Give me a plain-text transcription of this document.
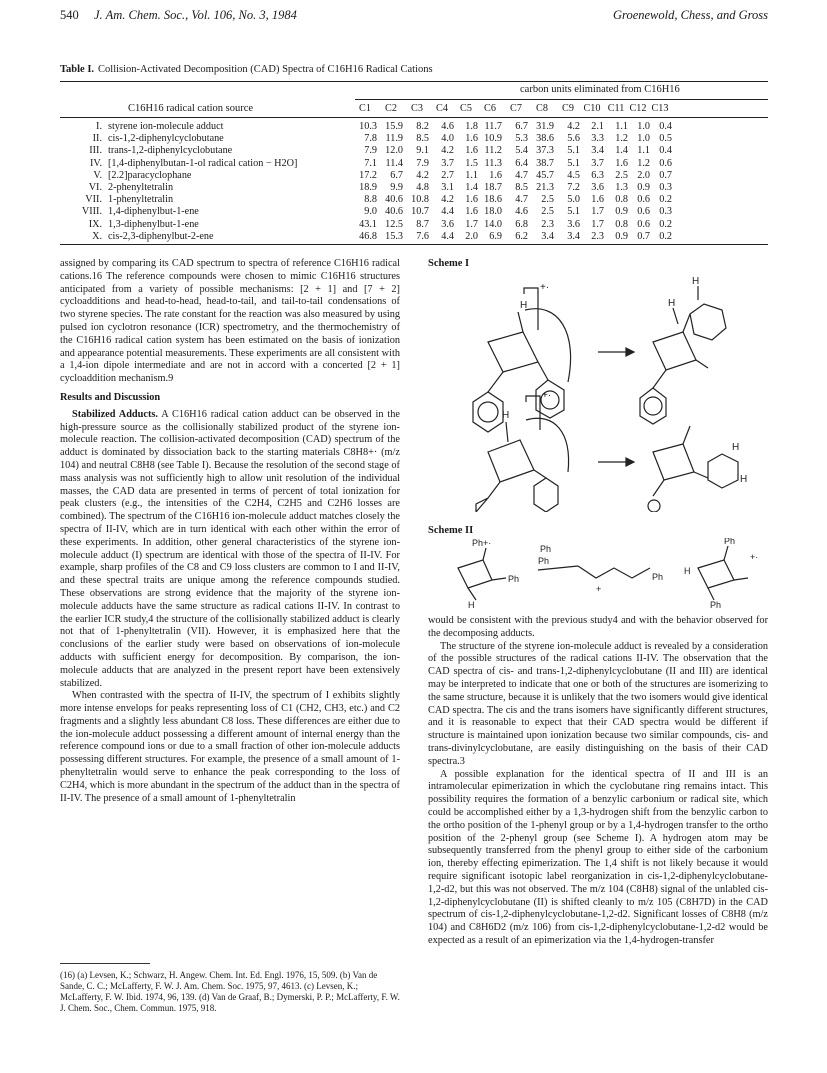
540 J. Am. Chem. Soc., Vol. 106, No. 3, 1984	Groenewold, Chess, and Gross
Table I. Collision-Activated Decomposition (CAD) Spectra of C16H16 Radical Cations
carbon units eliminated from C16H16
C16H16 radical cation source	C1	C2	C3	C4	C5	C6	C7	C8	C9 C10 C11 C12 C13
I. styrene ion-molecule adduct	10.3 15.9	8.2	4.6	1.8 11.7	6.7 31.9	4.2	2.1	1.1 1.0 0.4
II. cis-1,2-diphenylcyclobutane	7.8 11.9	8.5	4.0	1.6 10.9	5.3 38.6	5.6	3.3	1.2 1.0 0.5
III. trans-1,2-diphenylcyclobutane	7.9 12.0	9.1	4.2	1.6 11.2	5.4 37.3	5.1	3.4	1.4 1.1 0.4
IV. [1,4-diphenylbutan-1-ol radical cation − H2O]	7.1 11.4	7.9	3.7	1.5 11.3	6.4 38.7	5.1	3.7	1.6 1.2 0.6
V. [2.2]paracyclophane	17.2	6.7	4.2	2.7	1.1	1.6	4.7 45.7	4.5	6.3	2.5 2.0 0.7
VI. 2-phenyltetralin	18.9	9.9	4.8	3.1	1.4 18.7	8.5 21.3	7.2	3.6	1.3 0.9 0.3
VII. 1-phenyltetralin	8.8 40.6 10.8	4.2	1.6 18.6	4.7	2.5	5.0	1.6	0.8 0.6 0.2
VIII. 1,4-diphenylbut-1-ene	9.0 40.6 10.7	4.4	1.6 18.0	4.6	2.5	5.1	1.7	0.9 0.6 0.3
IX. 1,3-diphenylbut-1-ene	43.1 12.5	8.7	3.6	1.7 14.0	6.8	2.3	3.6	1.7	0.8 0.6 0.2
X. cis-2,3-diphenylbut-2-ene	46.8 15.3	7.6	4.4	2.0	6.9	6.2	3.4	3.4	2.3	0.9 0.7 0.2

assigned by comparing its CAD spectrum to spectra of reference C16H16 radical cations.16 The reference compounds were chosen to mimic C16H16 structures anticipated from a variety of possible mechanisms: [2 + 1] and [7 + 2] cycloadditions and head-to-head, head-to-tail, and tail-to-tail condensations of two styrene species. The rate constant for the reaction was also measured by using pulsed ion cyclotron resonance (ICR) spectrometry, and the thermochemistry of the C16H16 radical cation system has been estimated on the basis of ionization and appearance potential measurements. These experiments are all consistent with a 1,4-ion dipole intermediate and are not in accord with a concerted [2 + 1] cycloaddition mechanism.9

Results and Discussion

Stabilized Adducts. A C16H16 radical cation adduct can be observed in the high-pressure source as the collisionally stabilized product of the styrene ion-molecule reaction. The collision-activated decomposition (CAD) spectrum of the adduct is dominated by dissociation back to the starting materials C8H8+· (m/z 104) and neutral C8H8 (see Table I). Because the resolution of the second stage of mass analysis was not sufficiently high to allow unit resolution of the individual masses, the CAD data are presented in terms of percent of total ionization for peak clusters (e.g., the intensities of the C2H4, C2H5 and C2H6 losses are combined). The spectrum of the C16H16 ion-molecule adduct matches closely the spectra of II-IV, which are in turn identical with each other within the error of these experiments. In addition, other general characteristics of the styrene ion-molecule adduct (I) spectrum are identical with those of the spectra of II-IV. For example, sharp profiles of the C8 and C9 loss clusters are common to I and II-IV, and these spectral traits are unique among the reference compounds studied. These observations are strong evidence that the majority of the styrene ion-molecule adducts have the same structure as radical cations II-IV. In contrast to the earlier ICR study,4 the structure of the collisionally stabilized adduct is clearly not that of 1-phenyltetralin (VII). However, it is emphasized here that the conclusions of the earlier study were based on observations of ion-molecule adducts with sufficient energy for decomposition. By comparison, the ion-molecule adducts that are analyzed in the present report have been extensively stabilized.

When contrasted with the spectra of II-IV, the spectrum of I exhibits slightly more intense envelops for peaks representing loss of C1 (CH2, CH3, etc.) and C2 fragments and a slightly less abundant C8 loss. These differences are either due to the ion-molecule adduct possessing a different amount of internal energy than the reference compound ions or due to a small fraction of other ion-molecule adducts possessing different structures. For example, the presence of a small amount of 1-phenyltetralin would serve to enhance the peak corresponding to the loss of C2H4, which is more abundant in the spectrum of the adduct than in the spectra of II-IV. The presence of a small amount of 1-phenyltetralin

(16) (a) Levsen, K.; Schwarz, H. Angew. Chem. Int. Ed. Engl. 1976, 15, 509. (b) Van de Sande, C. C.; McLafferty, F. W. J. Am. Chem. Soc. 1975, 97, 4613. (c) Levsen, K.; McLafferty, F. W. Ibid. 1974, 96, 139. (d) Van de Graaf, B.; Dymerski, P. P.; McLafferty, F. W. J. Chem. Soc., Chem. Commun. 1975, 918.
Scheme I
H
+·
H
H
H
+·
H
H
Scheme II
Ph+·
Ph
H
Ph
Ph
+
Ph
Ph
+·
H
Ph

would be consistent with the previous study4 and with the behavior observed for the decomposing adducts.

The structure of the styrene ion-molecule adduct is revealed by a consideration of the possible structures of the radical cations II-IV. The observation that the CAD spectra of cis- and trans-1,2-diphenylcyclobutane (II and III) are identical may be interpreted to indicate that one or both of the structures are isomerizing to the same structure, because it is unlikely that the two isomers would give identical CAD spectra. The cis and the trans isomers have significantly different structures, and it is reasonable to expect that their CAD spectra would be different if structure is maintained upon ionization because two similar compounds, cis- and trans-divinylcyclobutane, are easily distinguishing on the basis of their CAD spectra.3

A possible explanation for the identical spectra of II and III is an intramolecular epimerization in which the cyclobutane ring remains intact. This possibility requires the formation of a benzylic carbonium or radical site, which could be accomplished either by a 1,3-hydrogen shift from the benzylic carbon to the ortho position of the 1-phenyl group or by a 1,4-hydrogen transfer to the ortho position of the 2-phenyl group (see Scheme I). A hydrogen atom may be subsequently transferred from the phenyl group to either side of the carbonium ion, thereby effecting epimerization. The 1,4 shift is not likely because it would require significant isotopic label reorganization in cis-1,2-diphenylcyclobutane-1,2-d2, but this was not observed. The m/z 104 (C8H8) signal of the unlabled cis-1,2-diphenylcyclobutane (II) is shifted cleanly to m/z 105 (C8H7D) in the CAD spectrum of cis-1,2-diphenylcyclobutane-1,2-d2. Significant losses of C8H8 (m/z 104) and C8H6D2 (m/z 106) from cis-1,2-diphenylcyclobutane-1,2-d2 would be expected as a result of an epimerization via the 1,4-hydrogen-transfer
